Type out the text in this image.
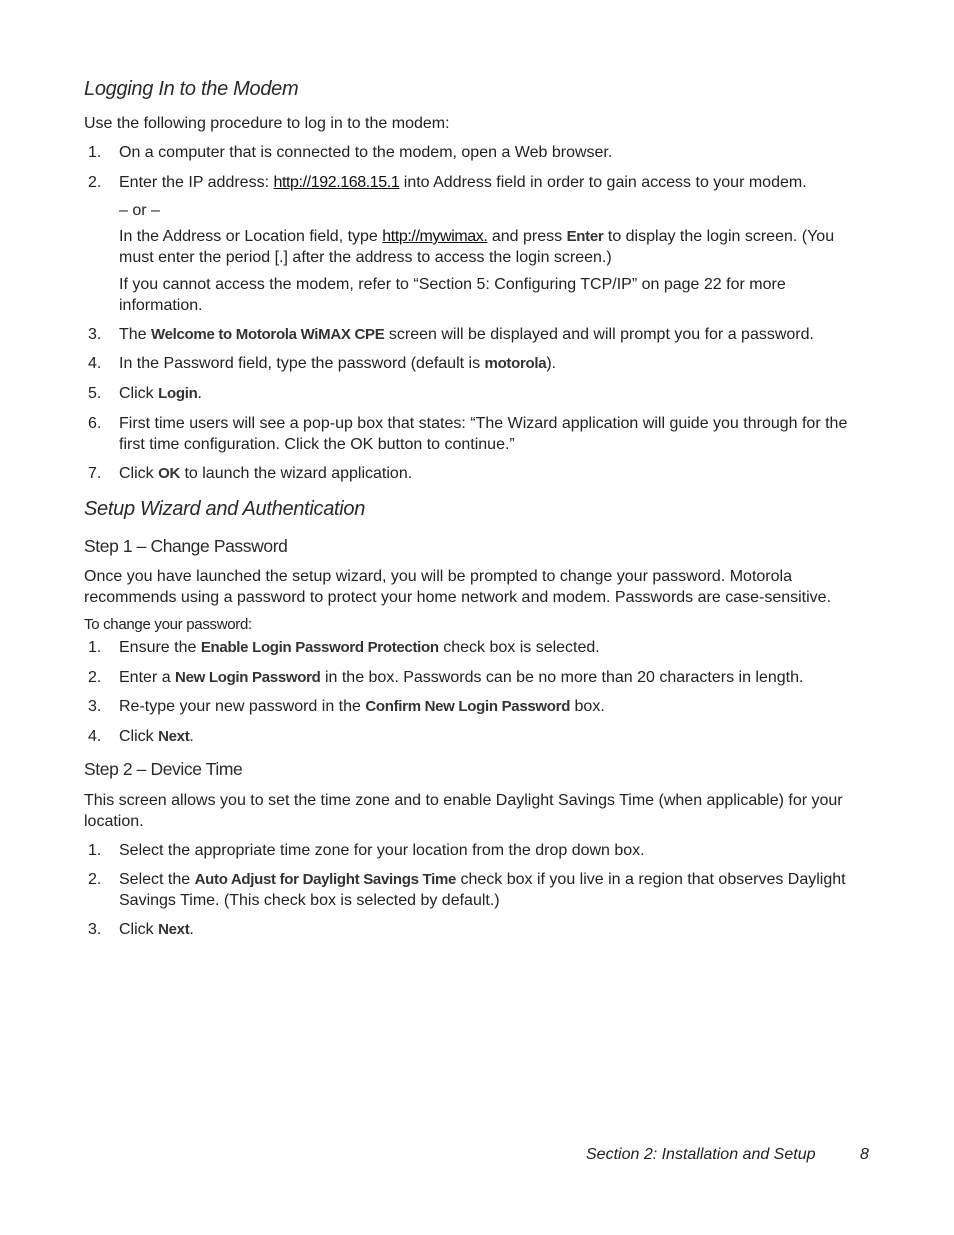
Logging In to the Modem

Use the following procedure to log in to the modem:

1.	On a computer that is connected to the modem, open a Web browser.
2.	Enter the IP address: http://192.168.15.1 into Address field in order to gain access to your modem.

– or –

In the Address or Location field, type http://mywimax. and press Enter to display the login screen. (You must enter the period [.] after the address to access the login screen.)

If you cannot access the modem, refer to “Section 5: Configuring TCP/IP” on page 22 for more information.

3.	The Welcome to Motorola WiMAX CPE screen will be displayed and will prompt you for a password.
4.	In the Password field, type the password (default is motorola).
5.	Click Login.
6.	First time users will see a pop-up box that states: “The Wizard application will guide you through for the first time configuration. Click the OK button to continue.”
7.	Click OK to launch the wizard application.
Setup Wizard and Authentication
Step 1 – Change Password

Once you have launched the setup wizard, you will be prompted to change your password. Motorola recommends using a password to protect your home network and modem. Passwords are case-sensitive.

To change your password:

1.	Ensure the Enable Login Password Protection check box is selected.
2.	Enter a New Login Password in the box. Passwords can be no more than 20 characters in length.
3.	Re-type your new password in the Confirm New Login Password box.
4.	Click Next.
Step 2 – Device Time

This screen allows you to set the time zone and to enable Daylight Savings Time (when applicable) for your location.

1.	Select the appropriate time zone for your location from the drop down box.
2.	Select the Auto Adjust for Daylight Savings Time check box if you live in a region that observes Daylight Savings Time. (This check box is selected by default.)
3.	Click Next.
Section 2: Installation and Setup	8
